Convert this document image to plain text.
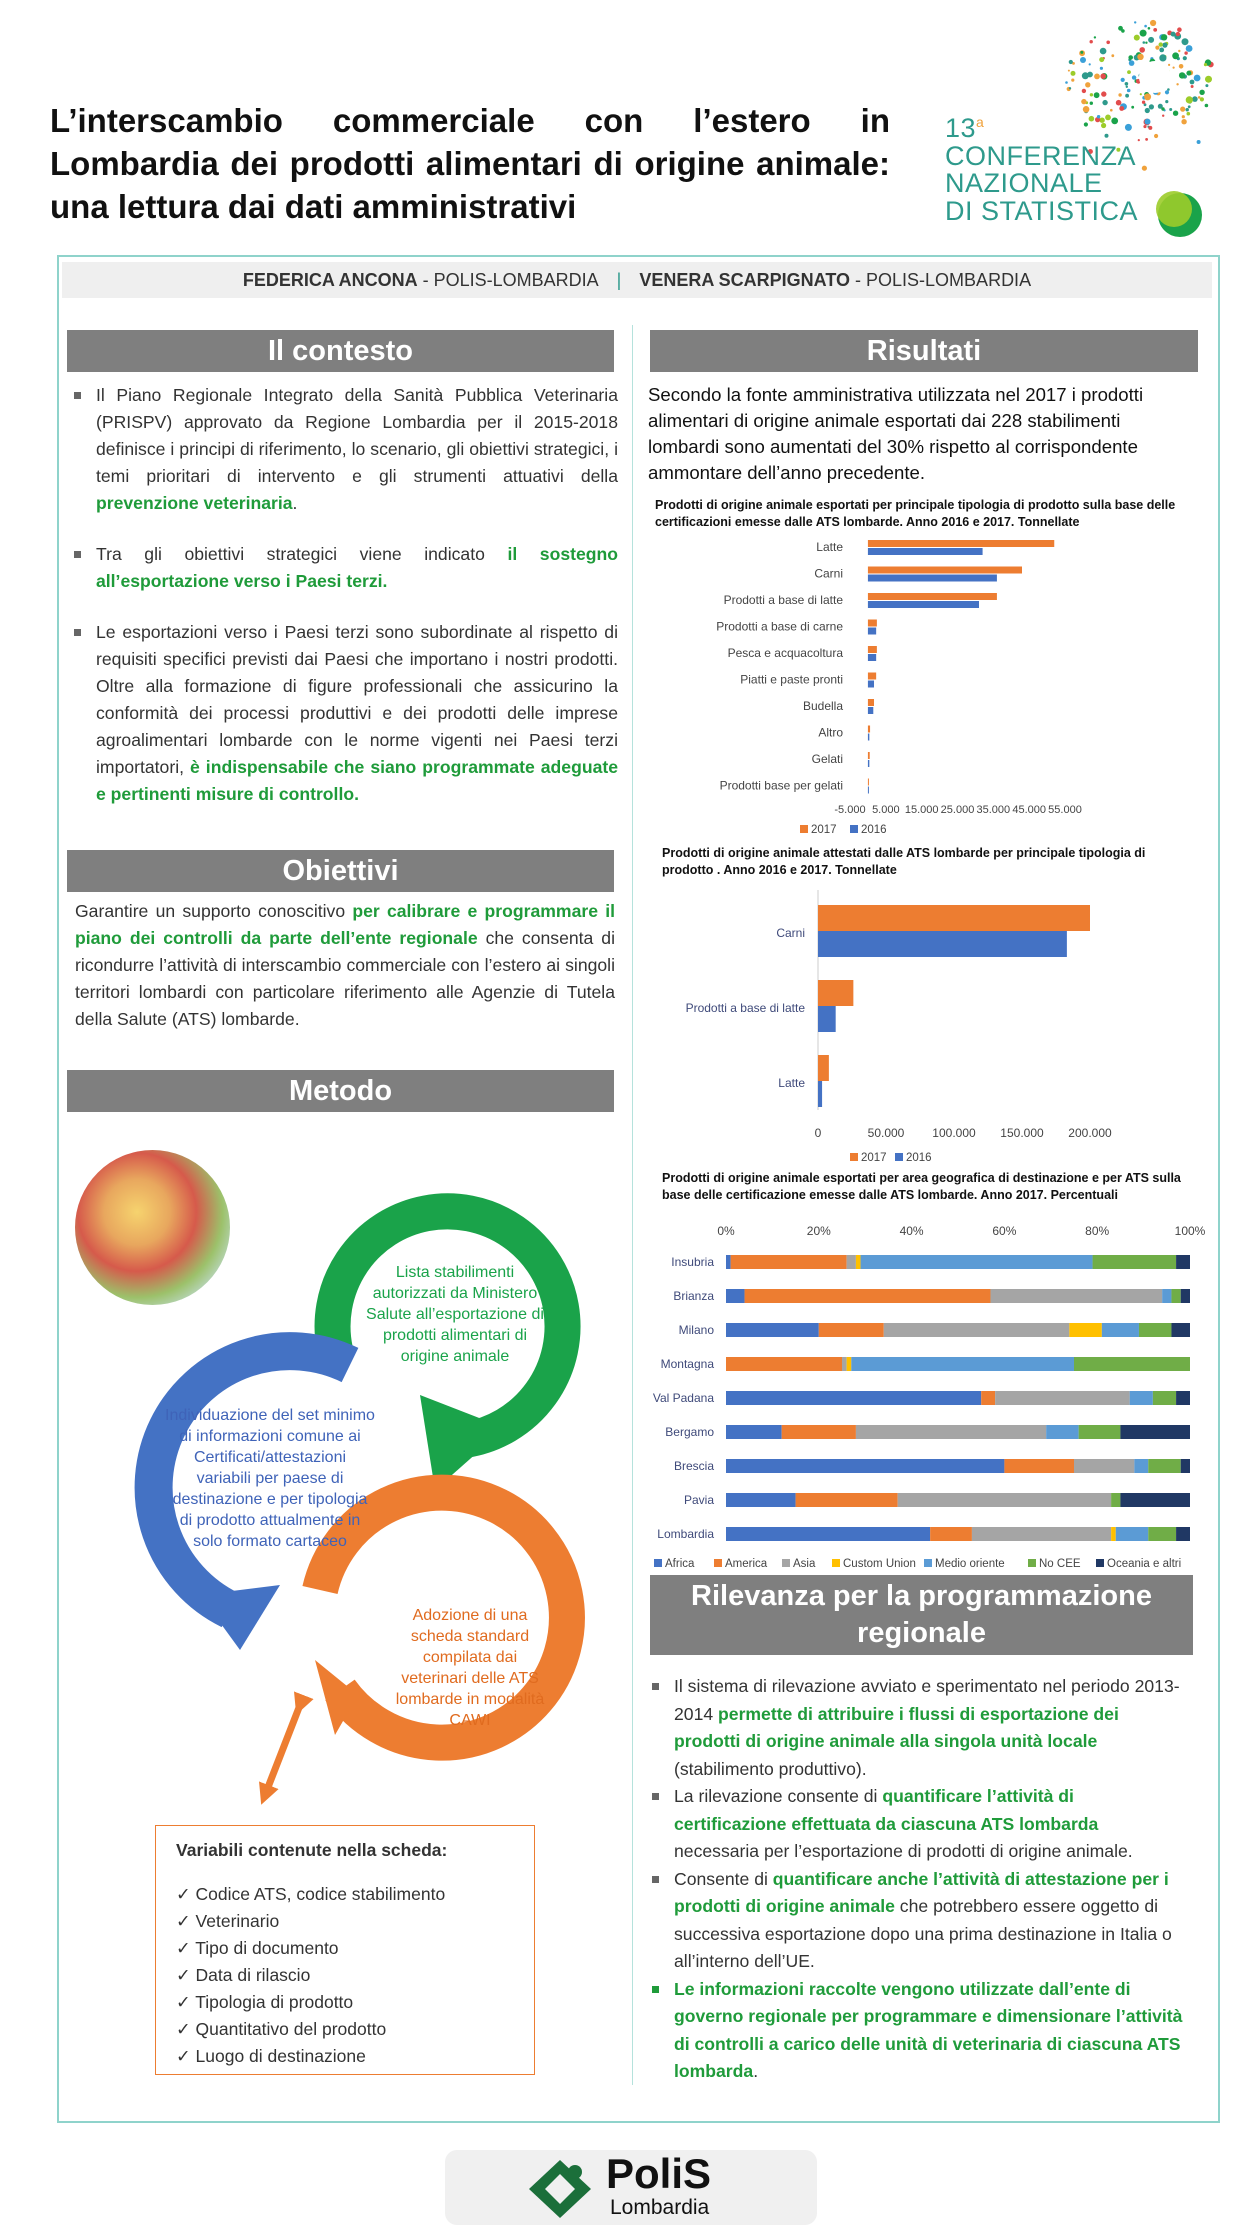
L’interscambio commerciale con l’estero in Lombardia dei prodotti alimentari di origine animale: una lettura dai dati amministrativi
13$^a$
CONFERENZA
NAZIONALE
DI STATISTICA
FEDERICA ANCONA - POLIS-LOMBARDIA | VENERA SCARPIGNATO - POLIS-LOMBARDIA
Il contesto
Il Piano Regionale Integrato della Sanità Pubblica Veterinaria (PRISPV) approvato da Regione Lombardia per il 2015-2018 definisce i principi di riferimento, lo scenario, gli obiettivi strategici, i temi prioritari di intervento e gli strumenti attuativi della prevenzione veterinaria.
Tra gli obiettivi strategici viene indicato il sostegno all’esportazione verso i Paesi terzi.
Le esportazioni verso i Paesi terzi sono subordinate al rispetto di requisiti specifici previsti dai Paesi che importano i nostri prodotti. Oltre alla formazione di figure professionali che assicurino la conformità dei processi produttivi e dei prodotti delle imprese agroalimentari lombarde con le norme vigenti nei Paesi terzi importatori, è indispensabile che siano programmate adeguate e pertinenti misure di controllo.
Obiettivi
Garantire un supporto conoscitivo per calibrare e programmare il piano dei controlli da parte dell’ente regionale che consenta di ricondurre l’attività di interscambio commerciale con l’estero ai singoli territori lombardi con particolare riferimento alle Agenzie di Tutela della Salute (ATS) lombarde.
Metodo
Lista stabilimenti autorizzati da Ministero Salute all’esportazione di prodotti alimentari di origine animale
Individuazione del set minimo di informazioni comune ai Certificati/attestazioni variabili per paese di destinazione e per tipologia di prodotto attualmente in solo formato cartaceo
Adozione di una scheda standard compilata dai veterinari delle ATS lombarde in modalità CAWI
Variabili contenute nella scheda:
✓ Codice ATS, codice stabilimento
✓ Veterinario
✓ Tipo di documento
✓ Data di rilascio
✓ Tipologia di prodotto
✓ Quantitativo del prodotto
✓ Luogo di destinazione
Risultati
Secondo la fonte amministrativa utilizzata nel 2017 i prodotti alimentari di origine animale esportati dai 228 stabilimenti lombardi sono aumentati del 30% rispetto al corrispondente ammontare dell’anno precedente.
Prodotti di origine animale esportati per principale tipologia di prodotto sulla base delle certificazioni emesse dalle ATS lombarde. Anno 2016 e 2017. Tonnellate
Latte
Carni
Prodotti a base di latte
Prodotti a base di carne
Pesca e acquacoltura
Piatti e paste pronti
Budella
Altro
Gelati
Prodotti base per gelati
-5.000 5.000 15.000 25.000 35.000 45.000 55.000
2017 2016
Prodotti di origine animale attestati dalle ATS lombarde per principale tipologia di prodotto . Anno 2016 e 2017. Tonnellate
Carni
Prodotti a base di latte
Latte
0	50.000 100.000 150.000 200.000
2017 2016
Prodotti di origine animale esportati per area geografica di destinazione e per ATS sulla base delle certificazione emesse dalle ATS lombarde. Anno 2017. Percentuali
0%	20%	40%	60%	80%	100%
Insubria
Brianza
Milano
Montagna
Val Padana
Bergamo
Brescia
Pavia
Lombardia
Africa	America Asia Custom Union Medio oriente	No CEE Oceania e altri
Rilevanza per la programmazione regionale
Il sistema di rilevazione avviato e sperimentato nel periodo 2013-2014 permette di attribuire i flussi di esportazione dei prodotti di origine animale alla singola unità locale (stabilimento produttivo).
La rilevazione consente di quantificare l’attività di certificazione effettuata da ciascuna ATS lombarda necessaria per l’esportazione di prodotti di origine animale.
Consente di quantificare anche l’attività di attestazione per i prodotti di origine animale che potrebbero essere oggetto di successiva esportazione dopo una prima destinazione in Italia o all’interno dell’UE.
Le informazioni raccolte vengono utilizzate dall’ente di governo regionale per programmare e dimensionare l’attività di controlli a carico delle unità di veterinaria di ciascuna ATS lombarda.
PoliS
Lombardia
